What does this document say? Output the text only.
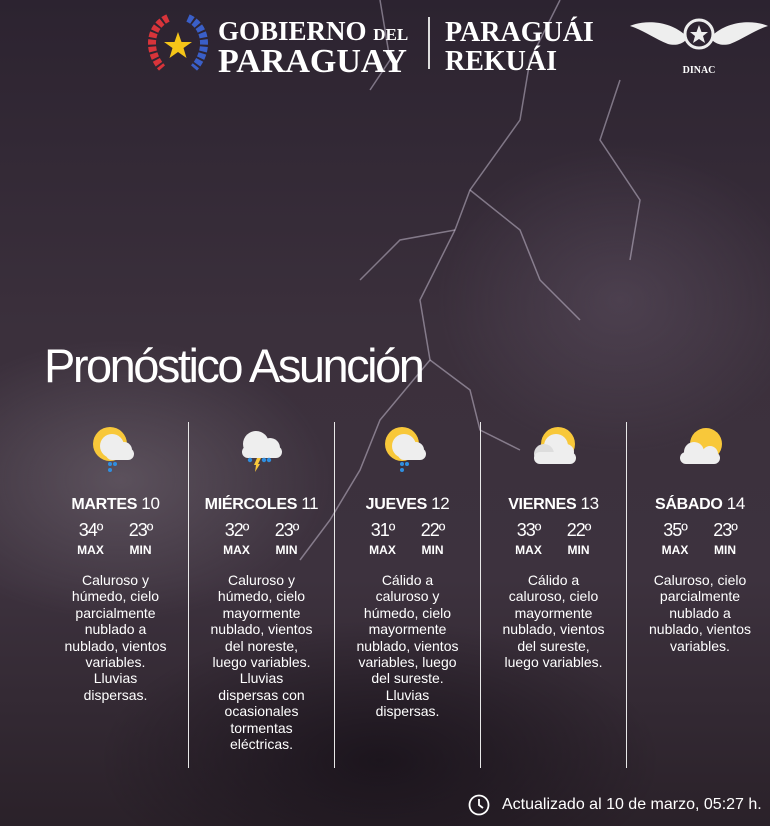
GOBIERNO DEL
PARAGUAY
PARAGUÁI
REKUÁI	DINAC
Pronóstico Asunción
MARTES 10
34º
MAX
23º
MIN
Caluroso y húmedo, cielo parcialmente nublado a nublado, vientos variables. Lluvias dispersas.
MIÉRCOLES 11
32º
MAX
23º
MIN
Caluroso y húmedo, cielo mayormente nublado, vientos del noreste, luego variables. Lluvias dispersas con ocasionales tormentas eléctricas.
JUEVES 12
31º
MAX
22º
MIN
Cálido a caluroso y húmedo, cielo mayormente nublado, vientos variables, luego del sureste. Lluvias dispersas.
VIERNES 13
33º
MAX
22º
MIN
Cálido a caluroso, cielo mayormente nublado, vientos del sureste, luego variables.
SÁBADO 14
35º
MAX
23º
MIN
Caluroso, cielo parcialmente nublado a nublado, vientos variables.
Actualizado al 10 de marzo, 05:27 h.
